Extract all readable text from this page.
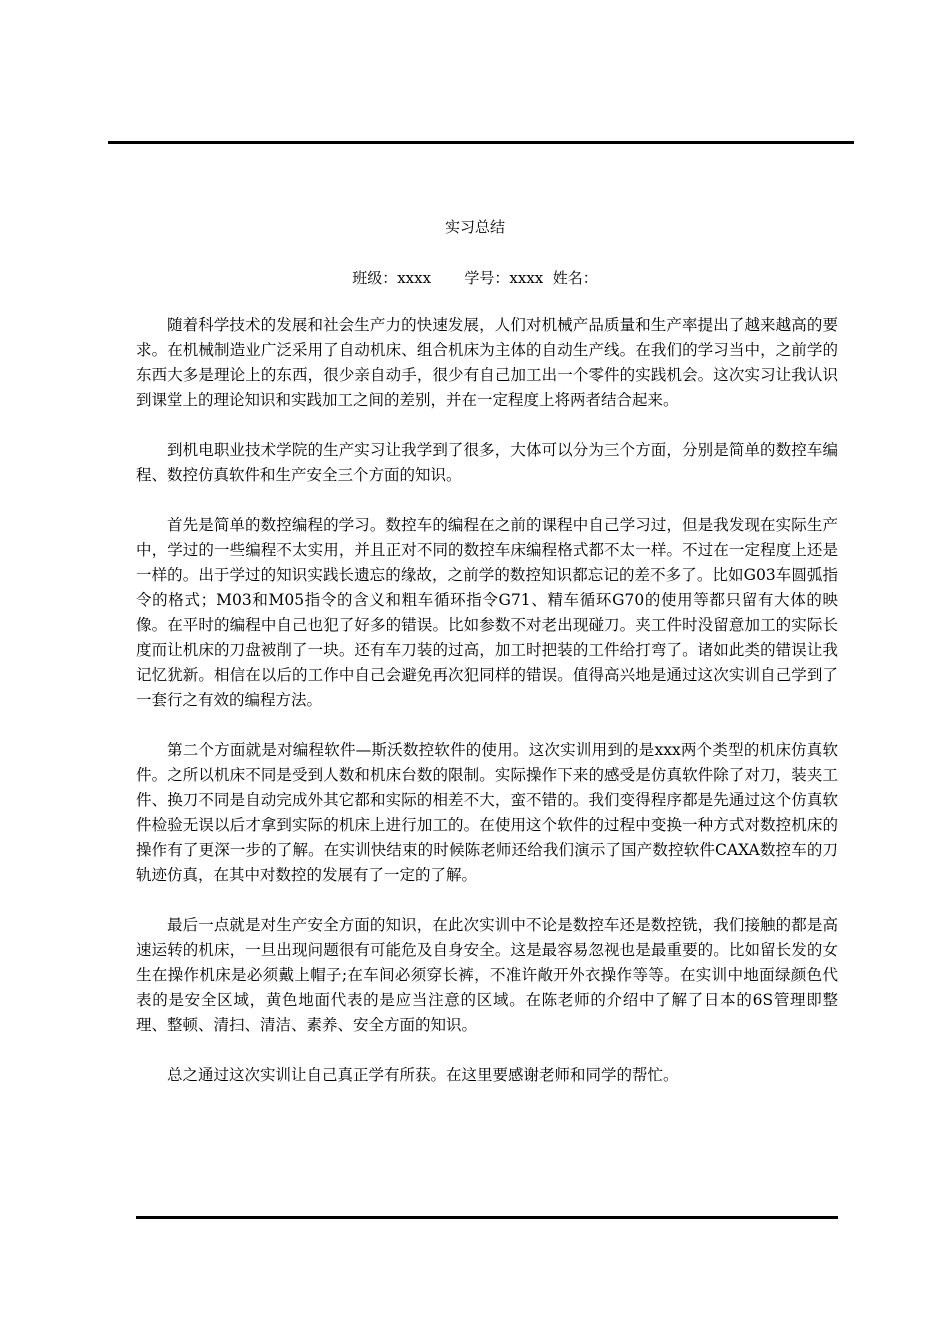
实习总结
班级：xxxx       学号：xxxx  姓名：

随着科学技术的发展和社会生产力的快速发展，人们对机械产品质量和生产率提出了越来越高的要求。在机械制造业广泛采用了自动机床、组合机床为主体的自动生产线。在我们的学习当中，之前学的东西大多是理论上的东西，很少亲自动手，很少有自己加工出一个零件的实践机会。这次实习让我认识到课堂上的理论知识和实践加工之间的差别，并在一定程度上将两者结合起来。

到机电职业技术学院的生产实习让我学到了很多，大体可以分为三个方面，分别是简单的数控车编程、数控仿真软件和生产安全三个方面的知识。

首先是简单的数控编程的学习。数控车的编程在之前的课程中自己学习过，但是我发现在实际生产中，学过的一些编程不太实用，并且正对不同的数控车床编程格式都不太一样。不过在一定程度上还是一样的。出于学过的知识实践长遗忘的缘故，之前学的数控知识都忘记的差不多了。比如G03车圆弧指令的格式；M03和M05指令的含义和粗车循环指令G71、精车循环G70的使用等都只留有大体的映像。在平时的编程中自己也犯了好多的错误。比如参数不对老出现碰刀。夹工件时没留意加工的实际长度而让机床的刀盘被削了一块。还有车刀装的过高，加工时把装的工件给打弯了。诸如此类的错误让我记忆犹新。相信在以后的工作中自己会避免再次犯同样的错误。值得高兴地是通过这次实训自己学到了一套行之有效的编程方法。

第二个方面就是对编程软件—斯沃数控软件的使用。这次实训用到的是xxx两个类型的机床仿真软件。之所以机床不同是受到人数和机床台数的限制。实际操作下来的感受是仿真软件除了对刀，装夹工件、换刀不同是自动完成外其它都和实际的相差不大，蛮不错的。我们变得程序都是先通过这个仿真软件检验无误以后才拿到实际的机床上进行加工的。在使用这个软件的过程中变换一种方式对数控机床的操作有了更深一步的了解。在实训快结束的时候陈老师还给我们演示了国产数控软件CAXA数控车的刀轨迹仿真，在其中对数控的发展有了一定的了解。

最后一点就是对生产安全方面的知识，在此次实训中不论是数控车还是数控铣，我们接触的都是高速运转的机床，一旦出现问题很有可能危及自身安全。这是最容易忽视也是最重要的。比如留长发的女生在操作机床是必须戴上帽子;在车间必须穿长裤，不准许敞开外衣操作等等。在实训中地面绿颜色代表的是安全区域，黄色地面代表的是应当注意的区域。在陈老师的介绍中了解了日本的6S管理即整理、整顿、清扫、清洁、素养、安全方面的知识。

总之通过这次实训让自己真正学有所获。在这里要感谢老师和同学的帮忙。
